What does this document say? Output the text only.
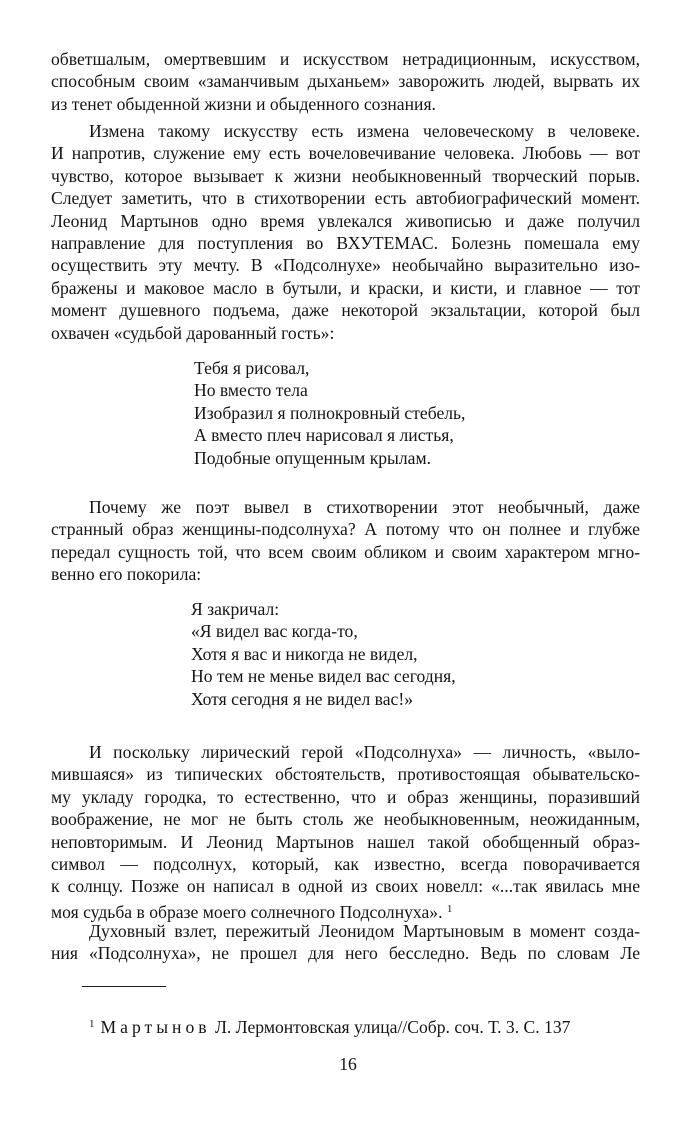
обветшалым, омертвевшим и искусством нетрадиционным, искусством,
способным своим «заманчивым дыханьем» заворожить людей, вырвать их
из тенет обыденной жизни и обыденного сознания.
Измена такому искусству есть измена человеческому в человеке.
И напротив, служение ему есть вочеловечивание человека. Любовь — вот
чувство, которое вызывает к жизни необыкновенный творческий порыв.
Следует заметить, что в стихотворении есть автобиографический момент.
Леонид Мартынов одно время увлекался живописью и даже получил
направление для поступления во ВХУТЕМАС. Болезнь помешала ему
осуществить эту мечту. В «Подсолнухе» необычайно выразительно изо-
бражены и маковое масло в бутыли, и краски, и кисти, и главное — тот
момент душевного подъема, даже некоторой экзальтации, которой был
охвачен «судьбой дарованный гость»:
Тебя я рисовал,
Но вместо тела
Изобразил я полнокровный стебель,
А вместо плеч нарисовал я листья,
Подобные опущенным крылам.
Почему же поэт вывел в стихотворении этот необычный, даже
странный образ женщины-подсолнуха? А потому что он полнее и глубже
передал сущность той, что всем своим обликом и своим характером мгно-
венно его покорила:
Я закричал:
«Я видел вас когда-то,
Хотя я вас и никогда не видел,
Но тем не менье видел вас сегодня,
Хотя сегодня я не видел вас!»
И поскольку лирический герой «Подсолнуха» — личность, «выло-
мившаяся» из типических обстоятельств, противостоящая обывательско-
му укладу городка, то естественно, что и образ женщины, поразивший
воображение, не мог не быть столь же необыкновенным, неожиданным,
неповторимым. И Леонид Мартынов нашел такой обобщенный образ-
символ — подсолнух, который, как известно, всегда поворачивается
к солнцу. Позже он написал в одной из своих новелл: «...так явилась мне
моя судьба в образе моего солнечного Подсолнуха». $^1$
Духовный взлет, пережитый Леонидом Мартыновым в момент созда-
ния «Подсолнуха», не прошел для него бесследно. Ведь по словам Ле
$^1$ Мартынов Л. Лермонтовская улица//Собр. соч. Т. 3. С. 137
16
